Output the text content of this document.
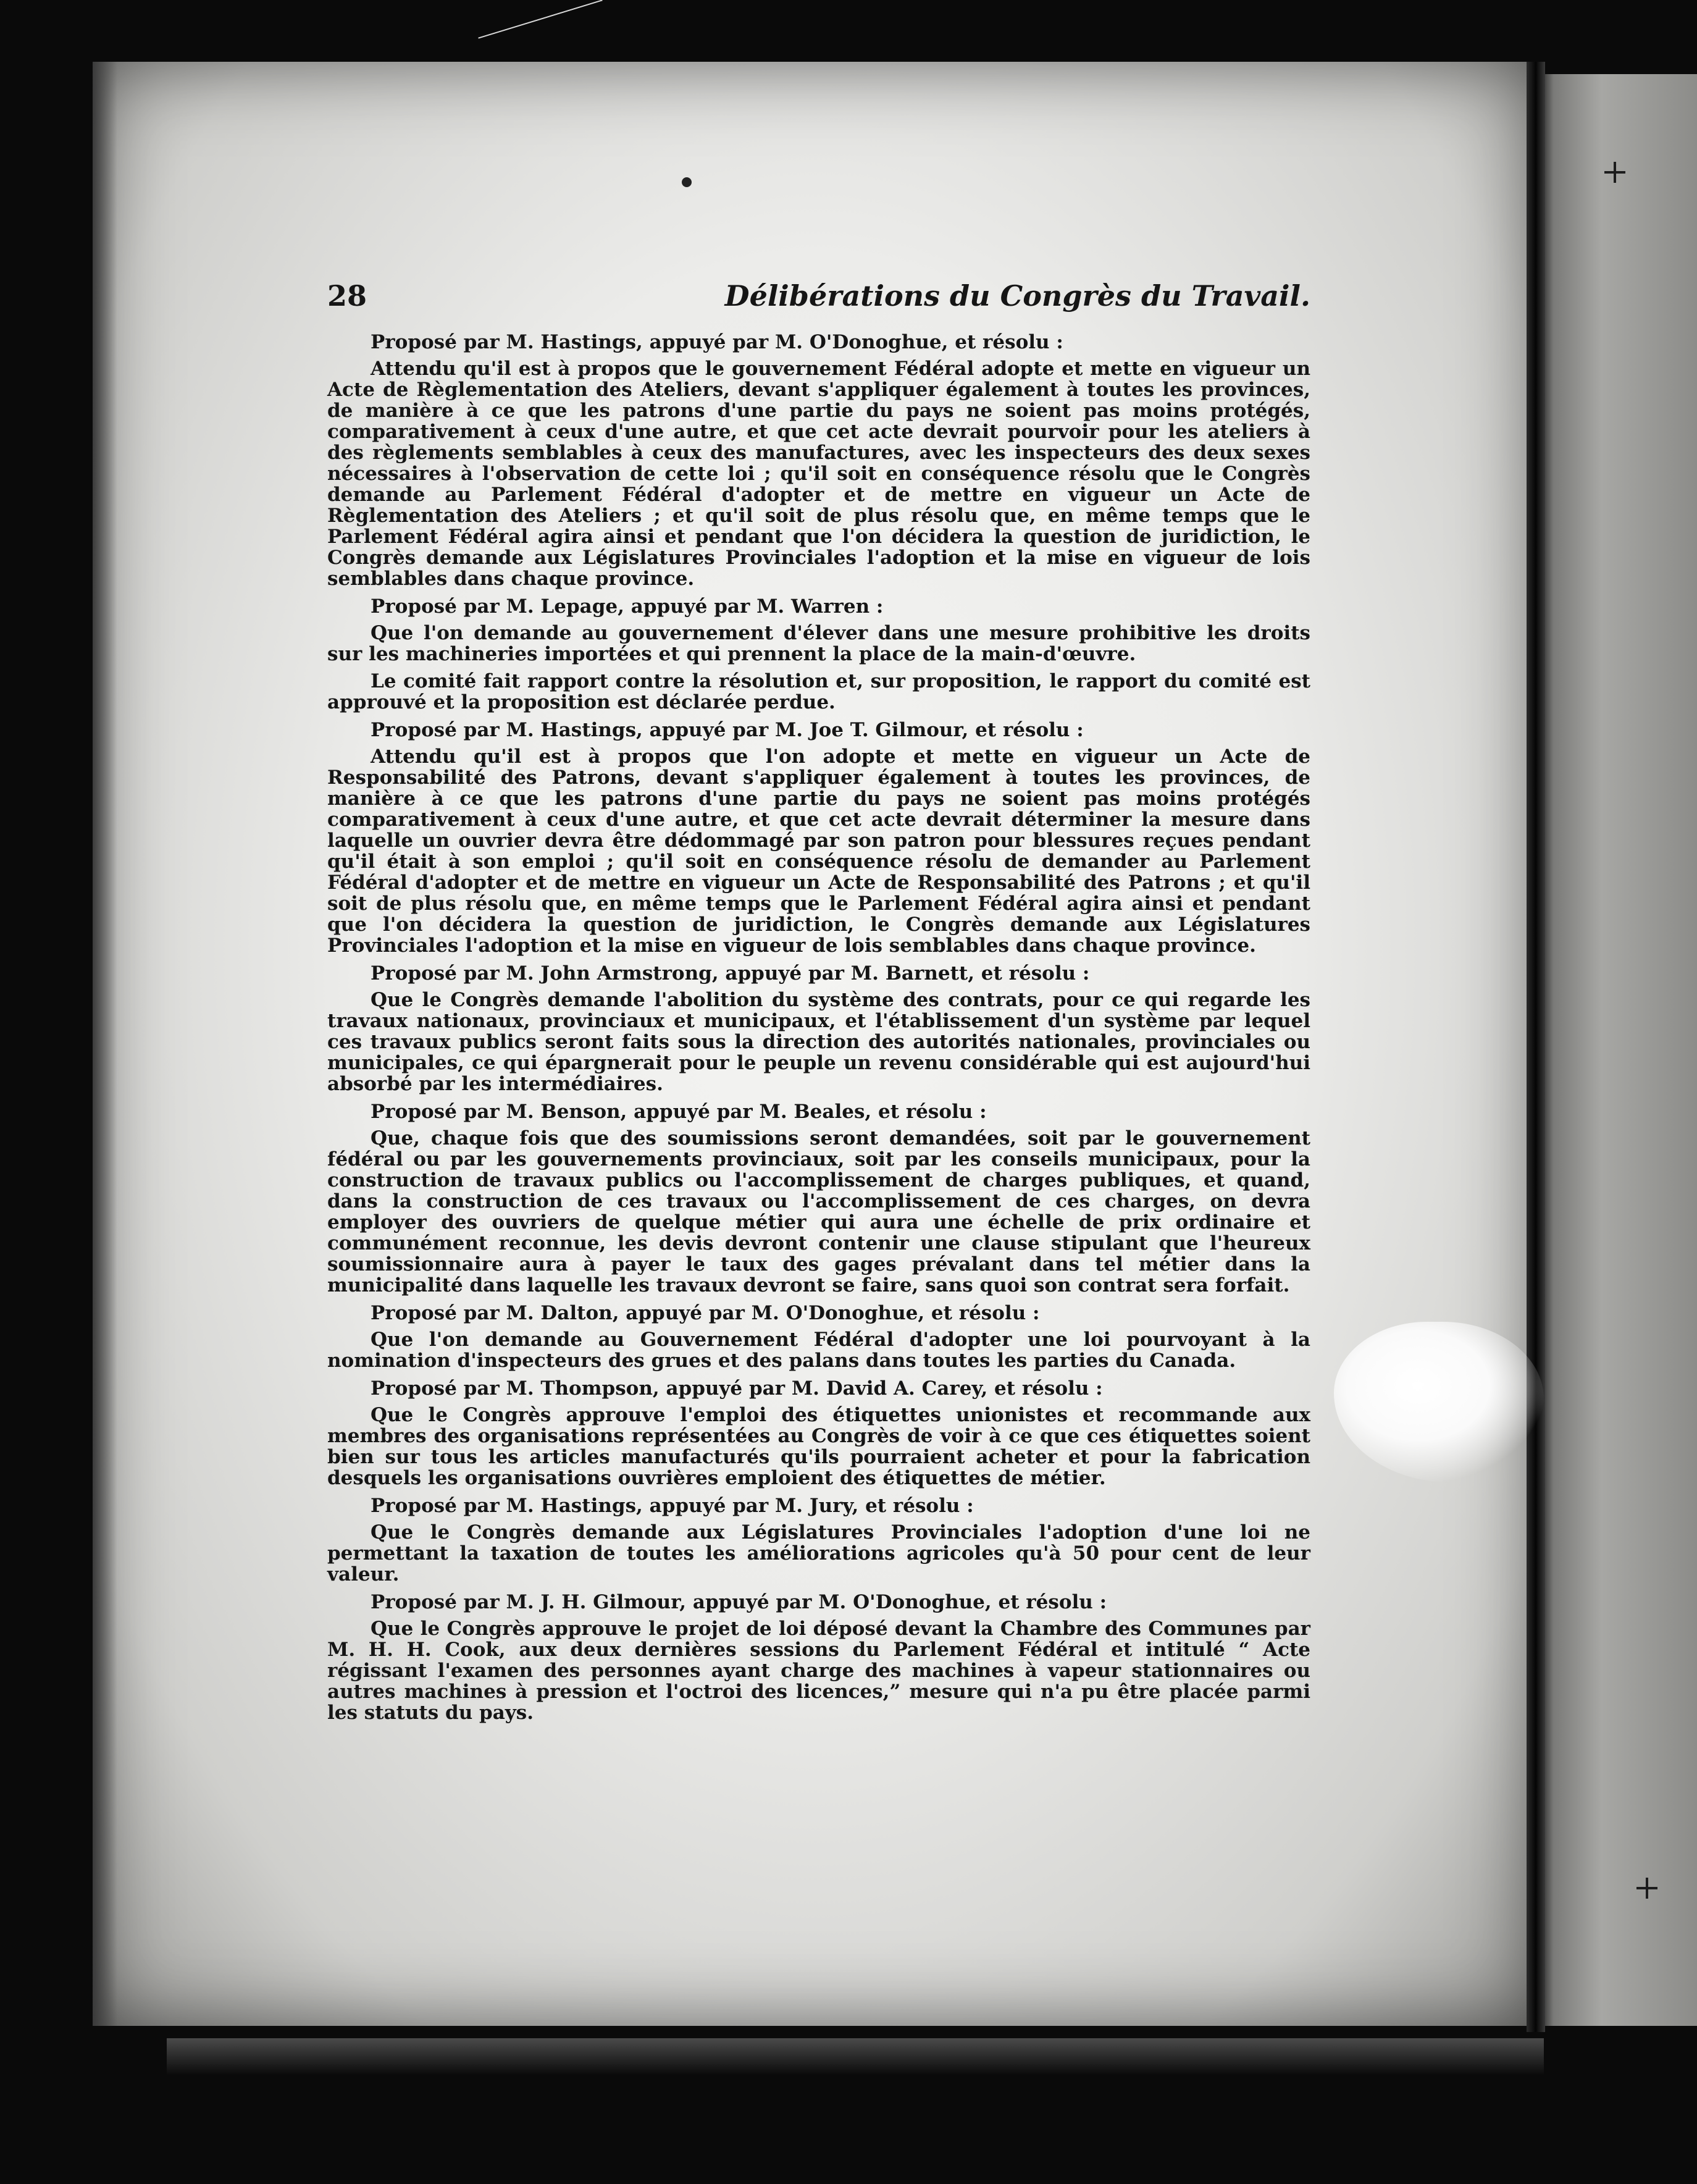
28	Délibérations du Congrès du Travail.
Proposé par M. Hastings, appuyé par M. O'Donoghue, et résolu :

Attendu qu'il est à propos que le gouvernement Fédéral adopte et mette en vigueur un Acte de Règlementation des Ateliers, devant s'appliquer également à toutes les provinces, de manière à ce que les patrons d'une partie du pays ne soient pas moins protégés, comparativement à ceux d'une autre, et que cet acte devrait pourvoir pour les ateliers à des règlements semblables à ceux des manufactures, avec les inspecteurs des deux sexes nécessaires à l'observation de cette loi ; qu'il soit en conséquence résolu que le Congrès demande au Parlement Fédéral d'adopter et de mettre en vigueur un Acte de Règlementation des Ateliers ; et qu'il soit de plus résolu que, en même temps que le Parlement Fédéral agira ainsi et pendant que l'on décidera la question de juridiction, le Congrès demande aux Législatures Provinciales l'adoption et la mise en vigueur de lois semblables dans chaque province.

Proposé par M. Lepage, appuyé par M. Warren :

Que l'on demande au gouvernement d'élever dans une mesure prohibitive les droits sur les machineries importées et qui prennent la place de la main-d'œuvre.

Le comité fait rapport contre la résolution et, sur proposition, le rapport du comité est approuvé et la proposition est déclarée perdue.

Proposé par M. Hastings, appuyé par M. Joe T. Gilmour, et résolu :

Attendu qu'il est à propos que l'on adopte et mette en vigueur un Acte de Responsabilité des Patrons, devant s'appliquer également à toutes les provinces, de manière à ce que les patrons d'une partie du pays ne soient pas moins protégés comparativement à ceux d'une autre, et que cet acte devrait déterminer la mesure dans laquelle un ouvrier devra être dédommagé par son patron pour blessures reçues pendant qu'il était à son emploi ; qu'il soit en conséquence résolu de demander au Parlement Fédéral d'adopter et de mettre en vigueur un Acte de Responsabilité des Patrons ; et qu'il soit de plus résolu que, en même temps que le Parlement Fédéral agira ainsi et pendant que l'on décidera la question de juridiction, le Congrès demande aux Législatures Provinciales l'adoption et la mise en vigueur de lois semblables dans chaque province.

Proposé par M. John Armstrong, appuyé par M. Barnett, et résolu :

Que le Congrès demande l'abolition du système des contrats, pour ce qui regarde les travaux nationaux, provinciaux et municipaux, et l'établissement d'un système par lequel ces travaux publics seront faits sous la direction des autorités nationales, provinciales ou municipales, ce qui épargnerait pour le peuple un revenu considérable qui est aujourd'hui absorbé par les intermédiaires.

Proposé par M. Benson, appuyé par M. Beales, et résolu :

Que, chaque fois que des soumissions seront demandées, soit par le gouvernement fédéral ou par les gouvernements provinciaux, soit par les conseils municipaux, pour la construction de travaux publics ou l'accomplissement de charges publiques, et quand, dans la construction de ces travaux ou l'accomplissement de ces charges, on devra employer des ouvriers de quelque métier qui aura une échelle de prix ordinaire et communément reconnue, les devis devront contenir une clause stipulant que l'heureux soumissionnaire aura à payer le taux des gages prévalant dans tel métier dans la municipalité dans laquelle les travaux devront se faire, sans quoi son contrat sera forfait.

Proposé par M. Dalton, appuyé par M. O'Donoghue, et résolu :

Que l'on demande au Gouvernement Fédéral d'adopter une loi pourvoyant à la nomination d'inspecteurs des grues et des palans dans toutes les parties du Canada.

Proposé par M. Thompson, appuyé par M. David A. Carey, et résolu :

Que le Congrès approuve l'emploi des étiquettes unionistes et recommande aux membres des organisations représentées au Congrès de voir à ce que ces étiquettes soient bien sur tous les articles manufacturés qu'ils pourraient acheter et pour la fabrication desquels les organisations ouvrières emploient des étiquettes de métier.

Proposé par M. Hastings, appuyé par M. Jury, et résolu :

Que le Congrès demande aux Législatures Provinciales l'adoption d'une loi ne permettant la taxation de toutes les améliorations agricoles qu'à 50 pour cent de leur valeur.

Proposé par M. J. H. Gilmour, appuyé par M. O'Donoghue, et résolu :

Que le Congrès approuve le projet de loi déposé devant la Chambre des Communes par M. H. H. Cook, aux deux dernières sessions du Parlement Fédéral et intitulé “ Acte régissant l'examen des personnes ayant charge des machines à vapeur stationnaires ou autres machines à pression et l'octroi des licences,” mesure qui n'a pu être placée parmi les statuts du pays.
